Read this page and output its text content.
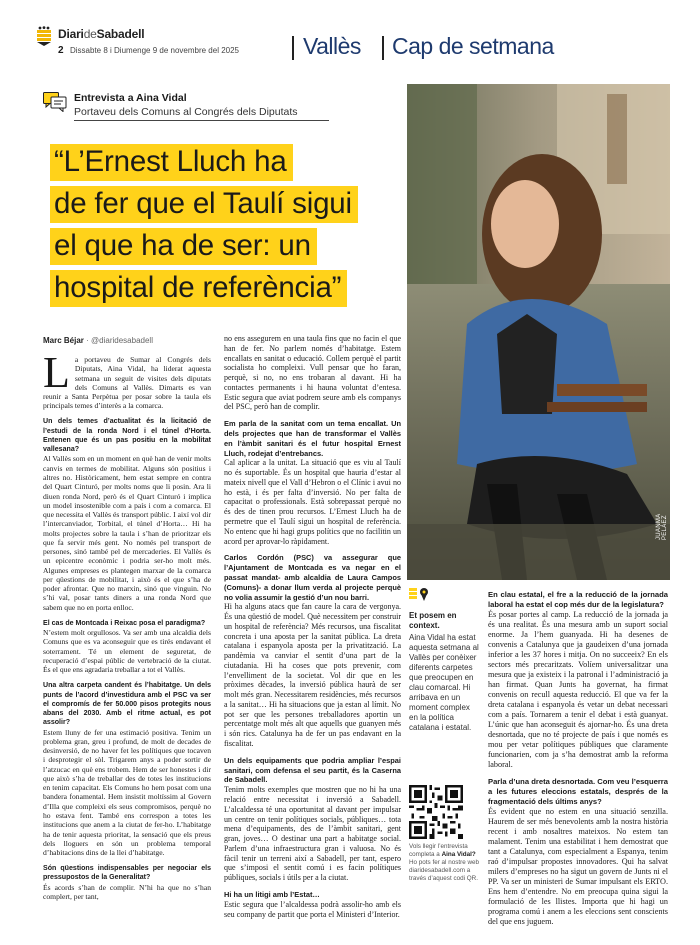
DiarideSabadell
2 Dissabte 8 i Diumenge 9 de novembre del 2025	Vallès Cap de setmana
JUANMA PELÁEZ
Entrevista a Aina Vidal
Portaveu dels Comuns al Congrés dels Diputats
“L’Ernest Lluch ha
de fer que el Taulí sigui
el que ha de ser: un
hospital de referència”
Marc Béjar · @diaridesabadell

La portaveu de Sumar al Congrés dels Diputats, Aina Vidal, ha liderat aquesta setmana un seguit de visites dels diputats dels Comuns al Vallès. Dimarts es van reunir a Santa Perpètua per posar sobre la taula els principals temes d’interès a la comarca.

Un dels temes d’actualitat és la licitació de l’estudi de la ronda Nord i el túnel d’Horta. Entenen que és un pas positiu en la mobilitat vallesana?

Al Vallès som en un moment en què han de venir molts canvis en termes de mobilitat. Alguns són positius i altres no. Històricament, hem estat sempre en contra del Quart Cinturó, per molts noms que li posin. Ara li diuen ronda Nord, però és el Quart Cinturó i implica un model insostenible com a país i com a comarca. El que necessita el Vallès és transport públic. I així vol dir l’intercanviador, Torbital, el túnel d’Horta… Hi ha molts projectes sobre la taula i s’han de prioritzar els que fa servir més gent. No només pel transport de persones, sinó també pel de mercaderies. El Vallès és un epicentre econòmic i podria ser-ho molt més. Algunes empreses es plantegen marxar de la comarca per qüestions de mobilitat, i això és el que s’ha de poder afrontar. Que no marxin, sinó que vinguin. No s’hi val, posar tants diners a una ronda Nord que sabem que no en porta enlloc.

El cas de Montcada i Reixac posa el paradigma?

N’estem molt orgullosos. Va ser amb una alcaldia dels Comuns que es va aconseguir que es tirés endavant el soterrament. Té un element de seguretat, de recuperació d’espai públic de vertebració de la ciutat. És el que ens agradaria treballar a tot el Vallès.

Una altra carpeta candent és l’habitatge. Un dels punts de l’acord d’investidura amb el PSC va ser el compromís de fer 50.000 pisos protegits nous abans del 2030. Amb el ritme actual, es pot assolir?

Estem lluny de fer una estimació positiva. Tenim un problema gran, greu i profund, de molt de decades de desinversió, de no haver fet les polítiques que tocaven i desprotegir el sòl. Trigarem anys a poder sortir de l’atzucac en què ens trobem. Hem de ser honestes i dir que això s’ha de treballar des de totes les institucions en tenim capacitat. Els Comuns ho hem posat com una bandera fonamental. Hem insistit moltíssim al Govern d’Illa que compleixi els seus compromisos, perquè no ho estava fent. També ens correspon a totes les institucions que anem a la ciutat de fer-ho. L’habitatge ha de tenir aquesta prioritat, la sensació que els preus dels lloguers en són un problema temporal d’habitacions dins de la llei d’habitatge.

Són qüestions indispensables per negociar els pressupostos de la Generalitat?

És acords s’han de complir. N’hi ha que no s’han complert, per tant,

no ens assegurem en una taula fins que no facin el que han de fer. No parlem només d’habitatge. Estem encallats en sanitat o educació. Collem perquè el partit socialista ho compleixi. Vull pensar que ho faran, perquè, si no, no ens trobaran al davant. Hi ha contactes permanents i hi hauna voluntat d’entesa. Estic segura que aviat podrem seure amb els companys del PSC, però han de complir.

Em parla de la sanitat com un tema encallat. Un dels projectes que han de transformar el Vallès en l’àmbit sanitari és el futur hospital Ernest Lluch, rodejat d’entrebancs.

Cal aplicar a la unitat. La situació que es viu al Taulí no és suportable. És un hospital que hauria d’estar al mateix nivell que el Vall d’Hebron o el Clínic i avui no ho està, i és per falta d’inversió. No per falta de capacitat o professionals. Està sobrepassat perquè no és des de tinen prou recursos. L’Ernest Lluch ha de permetre que el Taulí sigui un hospital de referència. No entenc que hi hagi grups polítics que no facilitin un acord per aprovar-lo ràpidament.

Carlos Cordón (PSC) va assegurar que l’Ajuntament de Montcada es va negar en el passat mandat- amb alcaldia de Laura Campos (Comuns)- a donar llum verda al projecte perquè no volia assumir la gestió d’un nou barri.

Hi ha alguns atacs que fan caure la cara de vergonya. És una qüestió de model. Què necessitem per construir un hospital de referència? Més recursos, una fiscalitat concreta i una aposta per la sanitat pública. La dreta catalana i espanyola aposta per la privatització. La pandèmia va canviar el sentit d’una part de la ciutadania. Hi ha coses que pots prevenir, com l’envelliment de la societat. Vol dir que en les pròximes dècades, la inversió pública haurà de ser molt més gran. Necessitarem residències, més recursos a la sanitat… Hi ha situacions que ja estan al límit. No pot ser que les persones treballadores aportin un percentatge molt més alt que aquells que guanyen més i són rics. Catalunya ha de fer un pas endavant en la fiscalitat.

Un dels equipaments que podria ampliar l’espai sanitari, com defensa el seu partit, és la Caserna de Sabadell.

Tenim molts exemples que mostren que no hi ha una relació entre necessitat i inversió a Sabadell. L’alcaldessa té una oportunitat al davant per impulsar un centre on tenir polítiques socials, públiques… tota mena d’equipaments, des de l’àmbit sanitari, gent gran, joves… O destinar una part a habitatge social. Parlem d’una infraestructura gran i valuosa. No és fàcil tenir un terreni així a Sabadell, per tant, espero que s’imposi el sentit comú i es facin polítiques públiques, socials i útils per a la ciutat.

Hi ha un litigi amb l’Estat…

Estic segura que l’alcaldessa podrà assolir-ho amb els seu company de partit que porta el Ministeri d’Interior.

Et posem en context.
Aina Vidal ha estat aquesta setmana al Vallès per conèixer diferents carpetes que preocupen en clau comarcal. Hi arribava en un moment complex en la política catalana i estatal.
Vols llegir l’entrevista completa a Aina Vidal? Ho pots fer al nostre web diaridesabadell.com a través d’aquest codi QR.

En clau estatal, el fre a la reducció de la jornada laboral ha estat el cop més dur de la legislatura?

És posar portes al camp. La reducció de la jornada ja és una realitat. És una mesura amb un suport social enorme. Ja l’hem guanyada. Hi ha desenes de convenis a Catalunya que ja gaudeixen d’una jornada inferior a les 37 hores i mitja. On no succeeix? En els sectors més precaritzats. Volíem universalitzar una mesura que ja existeix i la patronal i l’administració ja han firmat. Quan Junts ha governat, ha firmat convenis on recull aquesta reducció. El que va fer la dreta catalana i espanyola és vetar un debat necessari com a país. Tornarem a tenir el debat i està guanyat. L’únic que han aconseguit és ajornar-ho. És una dreta desnortada, que no té projecte de país i que només es mou per vetar polítiques públiques que claramente funcionarien, com ja s’ha demostrat amb la reforma laboral.

Parla d’una dreta desnortada. Com veu l’esquerra a les futures eleccions estatals, després de la fragmentació dels últims anys?

És evident que no estem en una situació senzilla. Haurem de ser més benevolents amb la nostra història recent i amb nosaltres mateixos. No estem tan malament. Tenim una estabilitat i hem demostrat que tant a Catalunya, com especialment a Espanya, tenim raó d’impulsar propostes innovadores. Qui ha salvat milers d’empreses no ha sigut un govern de Junts ni el PP. Va ser un ministeri de Sumar impulsant els ERTO. Ens hem d’entendre. No em preocupa quina sigui la formulació de les llistes. Importa que hi hagi un programa comú i anem a les eleccions sent conscients del que ens juguem.
